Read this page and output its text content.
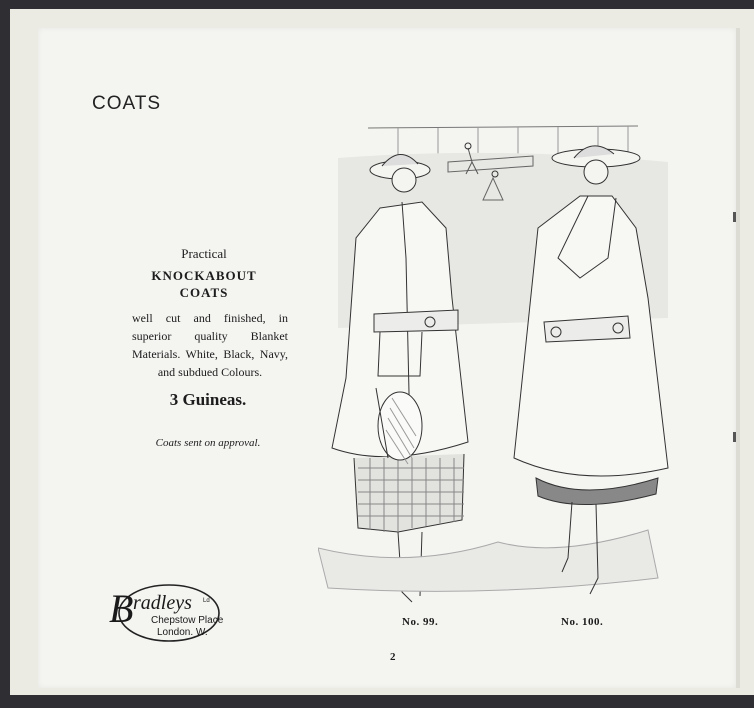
COATS
Practical
KNOCKABOUT
COATS
well cut and finished, in superior quality Blanket Materials. White, Black, Navy, and subdued Colours.
3 Guineas.
Coats sent on approval.
B radleys Ld
Chepstow Place
London. W.
No. 99.	No. 100.
2
